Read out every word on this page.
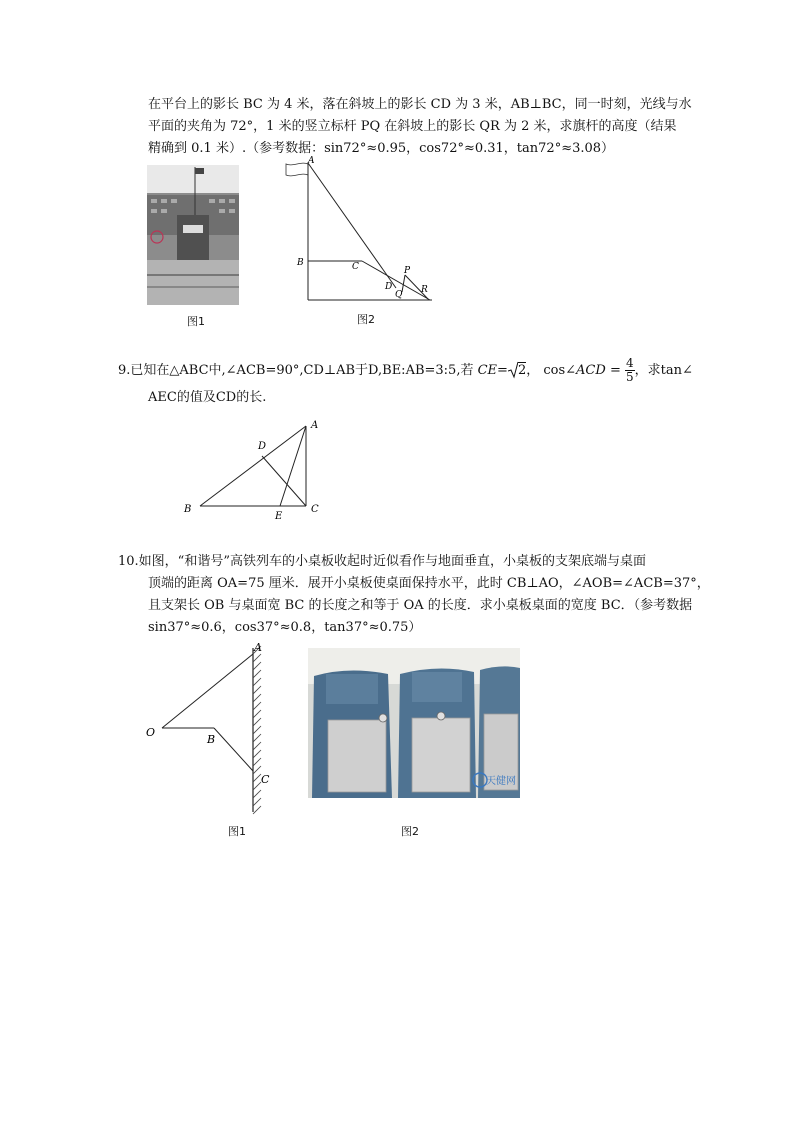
在平台上的影长 BC 为 4 米，落在斜坡上的影长 CD 为 3 米，AB⊥BC，同一时刻，光线与水
平面的夹角为 72°，1 米的竖立标杆 PQ 在斜坡上的影长 QR 为 2 米，求旗杆的高度（结果
精确到 0.1 米）.（参考数据：sin72°≈0.95，cos72°≈0.31，tan72°≈3.08）
图1
A
B	C
D
Q
P
R
图2
9.已知在△ABC中,∠ACB=90°,CD⊥AB于D,BE:AB=3:5,若 CE= 2， cos∠ACD = $\frac{4}{5}$ ，求tan∠
AEC的值及CD的长.
A
B	C
D
E
10.如图，“和谐号”高铁列车的小桌板收起时近似看作与地面垂直，小桌板的支架底端与桌面
顶端的距离 OA=75 厘米．展开小桌板使桌面保持水平，此时 CB⊥AO，∠AOB=∠ACB=37°，
且支架长 OB 与桌面宽 BC 的长度之和等于 OA 的长度．求小桌板桌面的宽度 BC．（参考数据
sin37°≈0.6，cos37°≈0.8，tan37°≈0.75）
A
O
B
C
图1
天健网
图2
